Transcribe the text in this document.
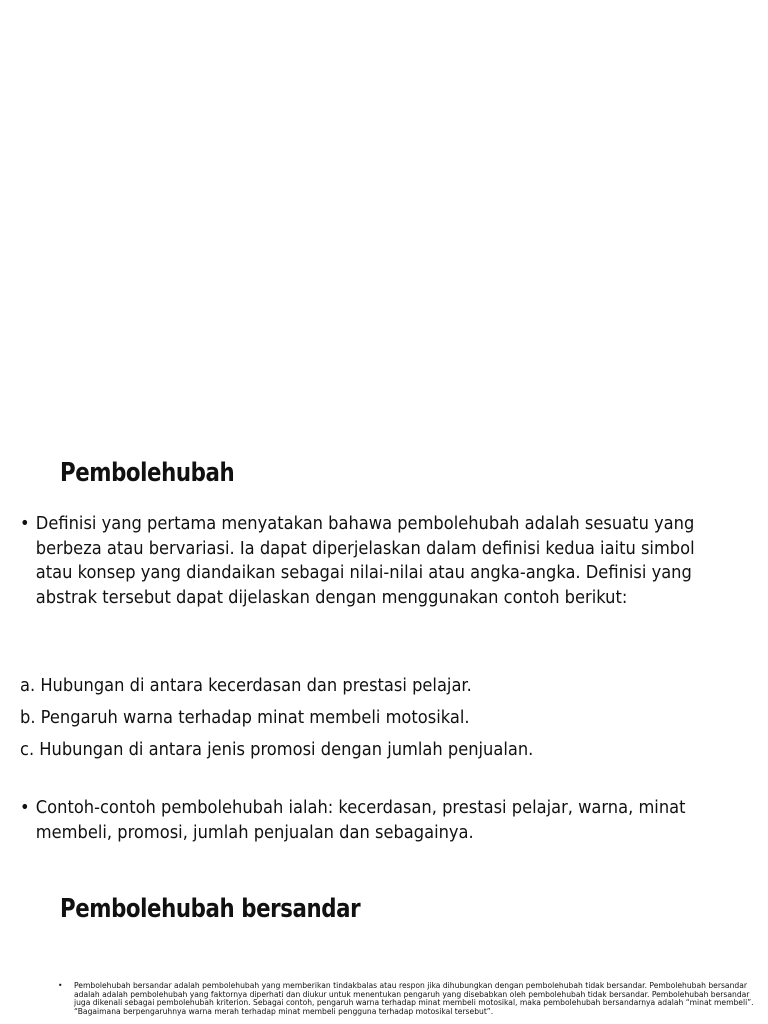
Pembolehubah
• Definisi yang pertama menyatakan bahawa pembolehubah adalah sesuatu yang berbeza atau bervariasi. Ia dapat diperjelaskan dalam definisi kedua iaitu simbol atau konsep yang diandaikan sebagai nilai-nilai atau angka-angka. Definisi yang abstrak tersebut dapat dijelaskan dengan menggunakan contoh berikut:
a. Hubungan di antara kecerdasan dan prestasi pelajar.
b. Pengaruh warna terhadap minat membeli motosikal.
c. Hubungan di antara jenis promosi dengan jumlah penjualan.
• Contoh-contoh pembolehubah ialah: kecerdasan, prestasi pelajar, warna, minat membeli, promosi, jumlah penjualan dan sebagainya.
Pembolehubah bersandar
•	Pembolehubah bersandar adalah pembolehubah yang memberikan tindakbalas atau respon jika dihubungkan dengan pembolehubah tidak bersandar. Pembolehubah bersandar adalah adalah pembolehubah yang faktornya diperhati dan diukur untuk menentukan pengaruh yang disebabkan oleh pembolehubah tidak bersandar. Pembolehubah bersandar juga dikenali sebagai pembolehubah kriterion. Sebagai contoh, pengaruh warna terhadap minat membeli motosikal, maka pembolehubah bersandarnya adalah “minat membeli”. “Bagaimana berpengaruhnya warna merah terhadap minat membeli pengguna terhadap motosikal tersebut”.
